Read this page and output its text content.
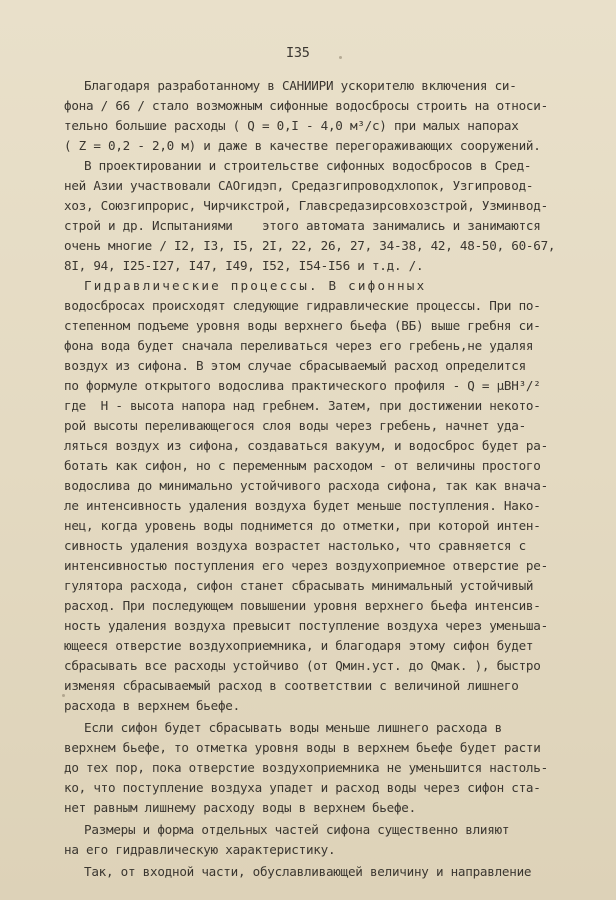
I35
Благодаря разработанному в САНИИРИ ускорителю включения си-
фона / 66 / стало возможным сифонные водосбросы строить на относи-
тельно большие расходы ( Q = 0,I - 4,0 м³/с) при малых напорах
( Z = 0,2 - 2,0 м) и даже в качестве перегораживающих сооружений.
В проектировании и строительстве сифонных водосбросов в Сред-
ней Азии участвовали САОгидэп, Средазгипроводхлопок, Узгипровод-
хоз, Союзгипрорис, Чирчикстрой, Главсредазирсовхозстрой, Узминвод-
строй и др. Испытаниями    этого автомата занимались и занимаются
очень многие / I2, I3, I5, 2I, 22, 26, 27, 34-38, 42, 48-50, 60-67,
8I, 94, I25-I27, I47, I49, I52, I54-I56 и т.д. /.
Гидравлические процессы. В сифонных
водосбросах происходят следующие гидравлические процессы. При по-
степенном подъеме уровня воды верхнего бьефа (ВБ) выше гребня си-
фона вода будет сначала переливаться через его гребень,не удаляя
воздух из сифона. В этом случае сбрасываемый расход определится
по формуле открытого водослива практического профиля - Q = μBH³/²
где  H - высота напора над гребнем. Затем, при достижении некото-
рой высоты переливающегося слоя воды через гребень, начнет уда-
ляться воздух из сифона, создаваться вакуум, и водосброс будет ра-
ботать как сифон, но с переменным расходом - от величины простого
водослива до минимально устойчивого расхода сифона, так как внача-
ле интенсивность удаления воздуха будет меньше поступления. Нако-
нец, когда уровень воды поднимется до отметки, при которой интен-
сивность удаления воздуха возрастет настолько, что сравняется с
интенсивностью поступления его через воздухоприемное отверстие ре-
гулятора расхода, сифон станет сбрасывать минимальный устойчивый
расход. При последующем повышении уровня верхнего бьефа интенсив-
ность удаления воздуха превысит поступление воздуха через уменьша-
ющееся отверстие воздухоприемника, и благодаря этому сифон будет
сбрасывать все расходы устойчиво (от Qмин.уст. до Qмак. ), быстро
изменяя сбрасываемый расход в соответствии с величиной лишнего
расхода в верхнем бьефе.
Если сифон будет сбрасывать воды меньше лишнего расхода в
верхнем бьефе, то отметка уровня воды в верхнем бьефе будет расти
до тех пор, пока отверстие воздухоприемника не уменьшится настоль-
ко, что поступление воздуха упадет и расход воды через сифон ста-
нет равным лишнему расходу воды в верхнем бьефе.
Размеры и форма отдельных частей сифона существенно влияют
на его гидравлическую характеристику.
Так, от входной части, обуславливающей величину и направление
